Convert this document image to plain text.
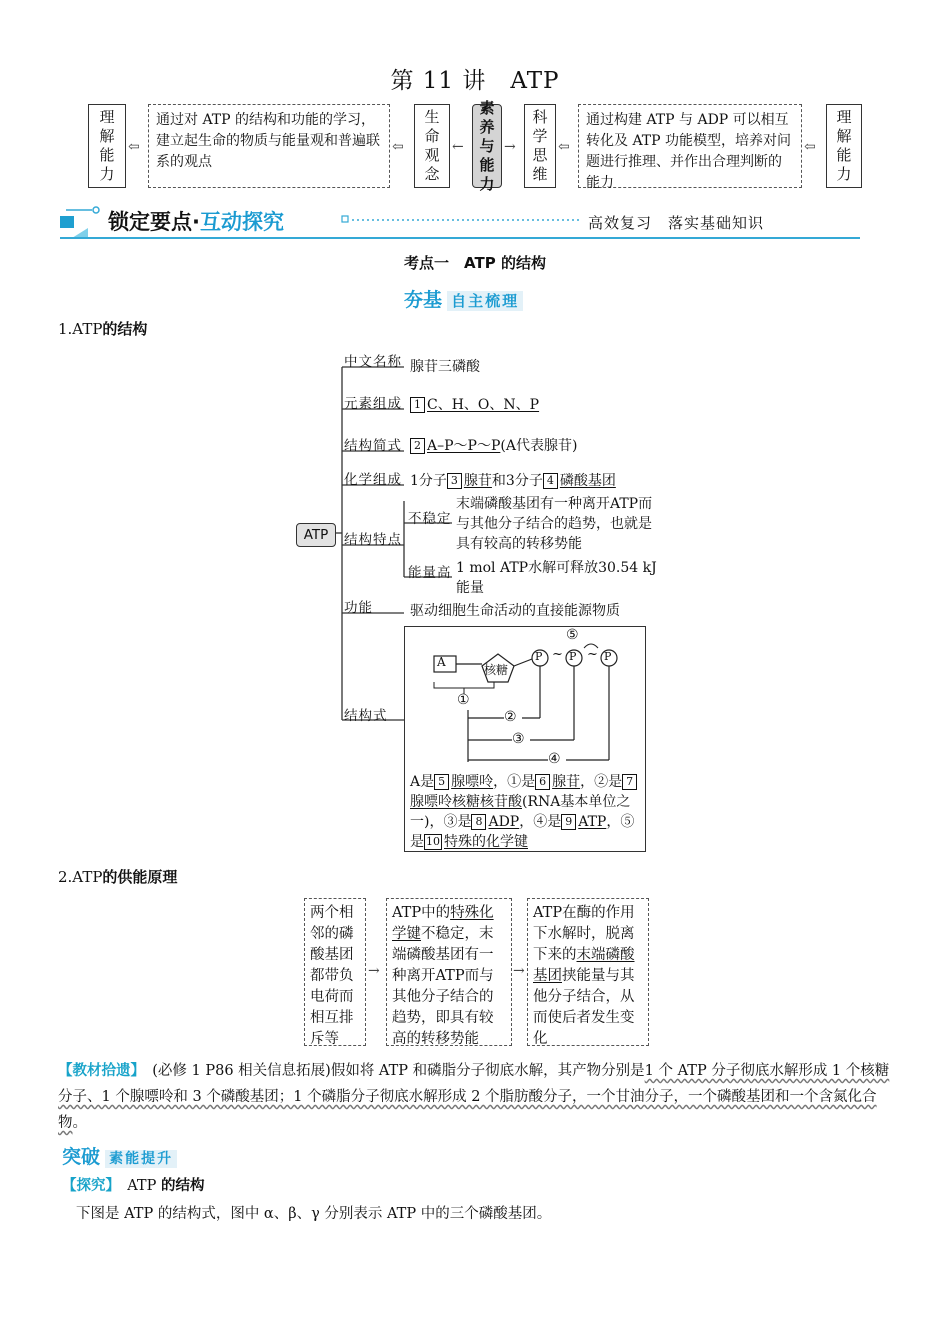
第 11 讲　ATP
理解能力
⇦
通过对 ATP 的结构和功能的学习，建立起生命的物质与能量观和普遍联系的观点
⇦
生命观念
←
素养与能力
→
科学思维
⇦
通过构建 ATP 与 ADP 可以相互转化及 ATP 功能模型，培养对问题进行推理、并作出合理判断的能力
⇦
理解能力
锁定要点·互动探究	高效复习　落实基础知识
考点一　ATP 的结构
夯基 自主梳理
1.ATP的结构
ATP
中文名称
元素组成
结构简式
化学组成
结构特点
不稳定
能量高
功能
结构式
腺苷三磷酸
1 C、H、O、N、P
2 A–P～P～P(A代表腺苷)
1分子 3 腺苷和3分子 4 磷酸基团
末端磷酸基团有一种离开ATP而与其他分子结合的趋势，也就是具有较高的转移势能
1 mol ATP水解可释放30.54 kJ能量
驱动细胞生命活动的直接能源物质
A
核糖
P P	P
~ ~
⑤
①
②
③
④
A是 5 腺嘌呤，①是 6 腺苷，②是 7腺嘌呤核糖核苷酸(RNA基本单位之一)，③是 8 ADP，④是 9 ATP，⑤是 10 特殊的化学键
2.ATP的供能原理
两个相邻的磷酸基团都带负电荷而相互排斥等
→
ATP中的特殊化学键不稳定，末端磷酸基团有一种离开ATP而与其他分子结合的趋势，即具有较高的转移势能
→
ATP在酶的作用下水解时，脱离下来的末端磷酸基团挟能量与其他分子结合，从而使后者发生变化
【教材拾遗】　 (必修 1 P86 相关信息拓展)假如将 ATP 和磷脂分子彻底水解，其产物分别是1 个 ATP 分子彻底水解形成 1 个核糖分子、1 个腺嘌呤和 3 个磷酸基团；1 个磷脂分子彻底水解形成 2 个脂肪酸分子，一个甘油分子，一个磷酸基团和一个含氮化合物。
突破 素能提升
【探究】　 ATP 的结构
下图是 ATP 的结构式，图中 α、β、γ 分别表示 ATP 中的三个磷酸基团。
